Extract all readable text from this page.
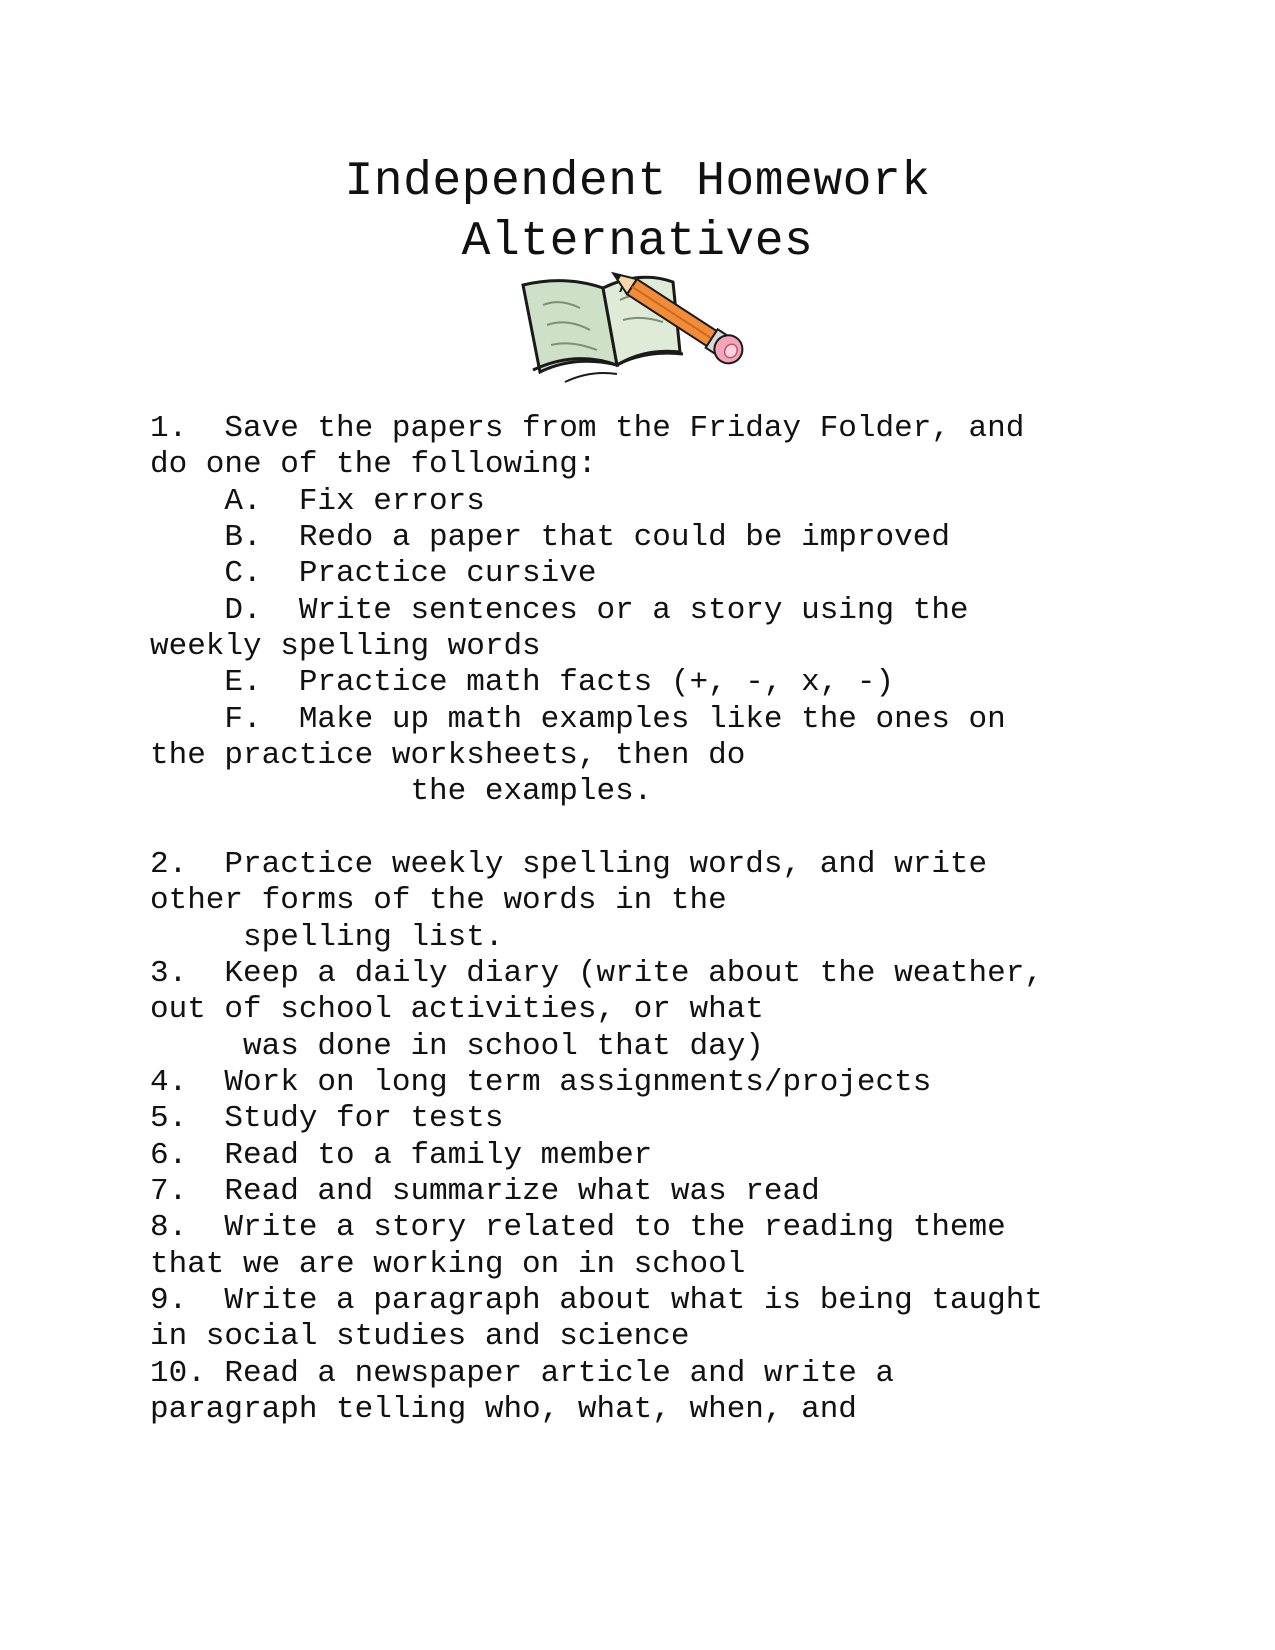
Independent Homework
Alternatives
1.  Save the papers from the Friday Folder, and
do one of the following:
A.  Fix errors
B.  Redo a paper that could be improved
C.  Practice cursive
D.  Write sentences or a story using the
weekly spelling words
E.  Practice math facts (+, -, x, -)
F.  Make up math examples like the ones on
the practice worksheets, then do
the examples.
2.  Practice weekly spelling words, and write
other forms of the words in the
spelling list.
3.  Keep a daily diary (write about the weather,
out of school activities, or what
was done in school that day)
4.  Work on long term assignments/projects
5.  Study for tests
6.  Read to a family member
7.  Read and summarize what was read
8.  Write a story related to the reading theme
that we are working on in school
9.  Write a paragraph about what is being taught
in social studies and science
10. Read a newspaper article and write a
paragraph telling who, what, when, and
